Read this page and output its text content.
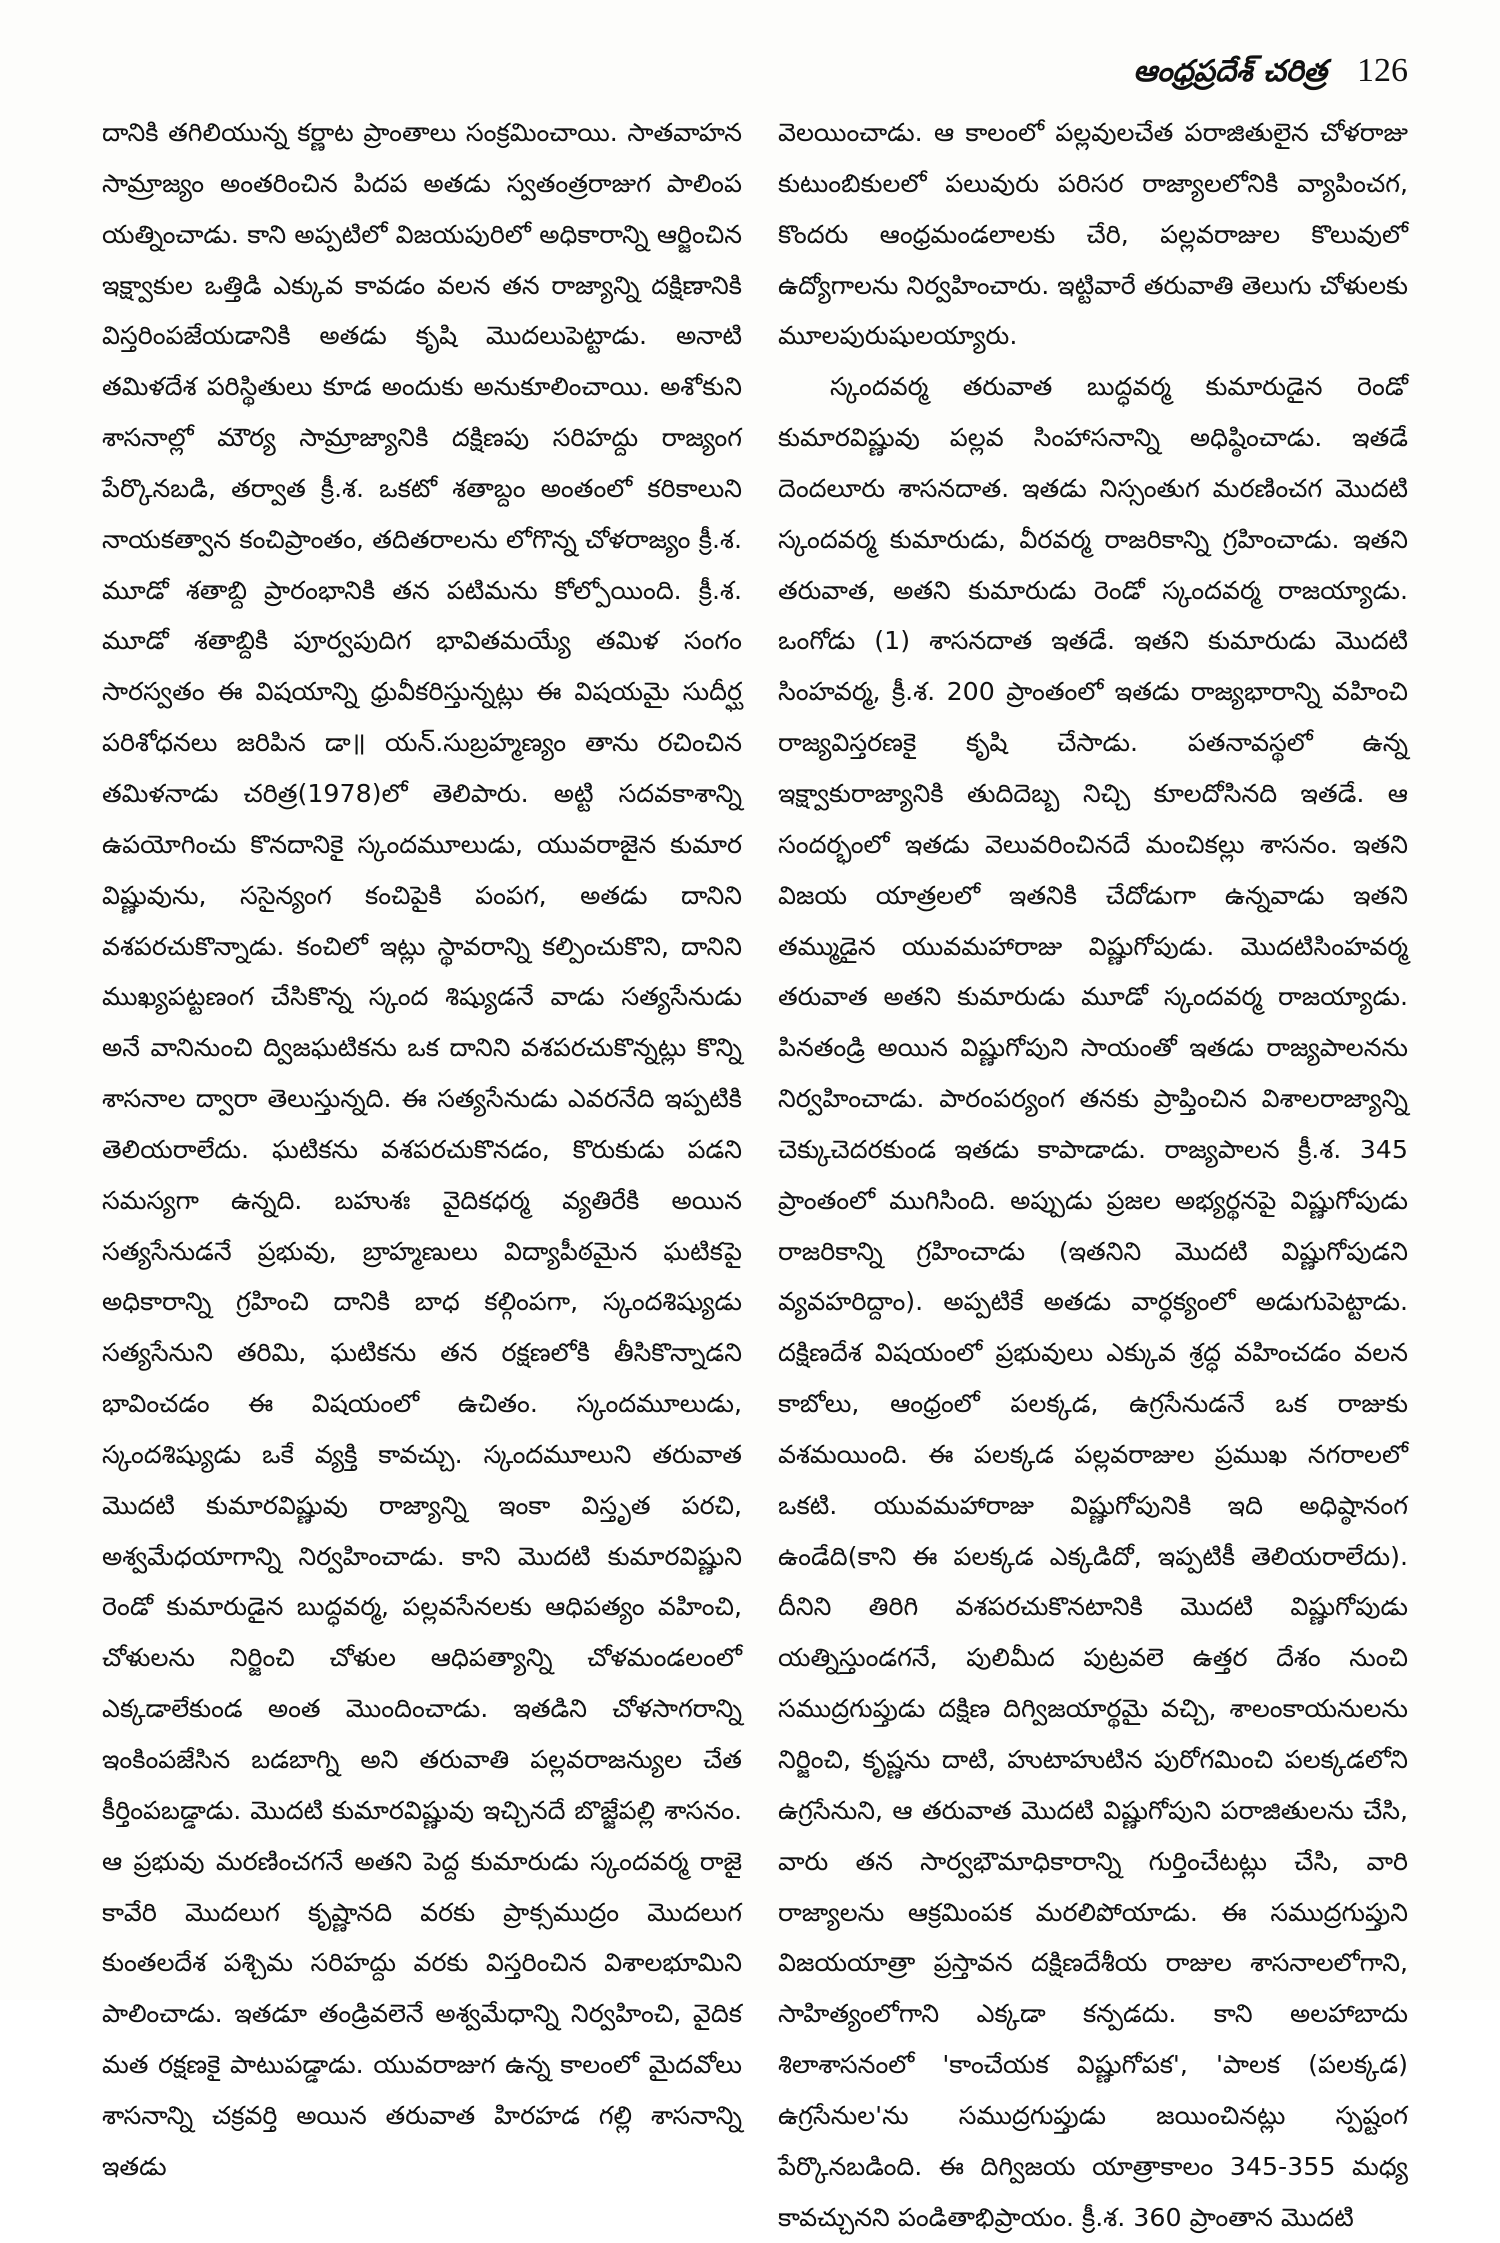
ఆంధ్రప్రదేశ్ చరిత్ర 126

దానికి తగిలియున్న కర్ణాట ప్రాంతాలు సంక్రమించాయి. సాతవాహన సామ్రాజ్యం అంతరించిన పిదప అతడు స్వతంత్రరాజుగ పాలింప యత్నించాడు. కాని అప్పటిలో విజయపురిలో అధికారాన్ని ఆర్జించిన ఇక్ష్వాకుల ఒత్తిడి ఎక్కువ కావడం వలన తన రాజ్యాన్ని దక్షిణానికి విస్తరింపజేయడానికి అతడు కృషి మొదలుపెట్టాడు. అనాటి తమిళదేశ పరిస్థితులు కూడ అందుకు అనుకూలించాయి. అశోకుని శాసనాల్లో మౌర్య సామ్రాజ్యానికి దక్షిణపు సరిహద్దు రాజ్యంగ పేర్కొనబడి, తర్వాత క్రీ.శ. ఒకటో శతాబ్దం అంతంలో కరికాలుని నాయకత్వాన కంచిప్రాంతం, తదితరాలను లోగొన్న చోళరాజ్యం క్రీ.శ. మూడో శతాబ్ది ప్రారంభానికి తన పటిమను కోల్పోయింది. క్రీ.శ. మూడో శతాబ్దికి పూర్వపుదిగ భావితమయ్యే తమిళ సంగం సారస్వతం ఈ విషయాన్ని ధ్రువీకరిస్తున్నట్లు ఈ విషయమై సుదీర్ఘ పరిశోధనలు జరిపిన డా॥ యన్.సుబ్రహ్మణ్యం తాను రచించిన తమిళనాడు చరిత్ర(1978)లో తెలిపారు. అట్టి సదవకాశాన్ని ఉపయోగించు కొనదానికై స్కందమూలుడు, యువరాజైన కుమార విష్ణువును, ససైన్యంగ కంచిపైకి పంపగ, అతడు దానిని వశపరచుకొన్నాడు. కంచిలో ఇట్లు స్థావరాన్ని కల్పించుకొని, దానిని ముఖ్యపట్టణంగ చేసికొన్న స్కంద శిష్యుడనే వాడు సత్యసేనుడు అనే వానినుంచి ద్విజఘటికను ఒక దానిని వశపరచుకొన్నట్లు కొన్ని శాసనాల ద్వారా తెలుస్తున్నది. ఈ సత్యసేనుడు ఎవరనేది ఇప్పటికి తెలియరాలేదు. ఘటికను వశపరచుకొనడం, కొరుకుడు పడని సమస్యగా ఉన్నది. బహుశః వైదికధర్మ వ్యతిరేకి అయిన సత్యసేనుడనే ప్రభువు, బ్రాహ్మణులు విద్యాపీఠమైన ఘటికపై అధికారాన్ని గ్రహించి దానికి బాధ కల్గింపగా, స్కందశిష్యుడు సత్యసేనుని తరిమి, ఘటికను తన రక్షణలోకి తీసికొన్నాడని భావించడం ఈ విషయంలో ఉచితం. స్కందమూలుడు, స్కందశిష్యుడు ఒకే వ్యక్తి కావచ్చు. స్కందమూలుని తరువాత మొదటి కుమారవిష్ణువు రాజ్యాన్ని ఇంకా విస్తృత పరచి, అశ్వమేధయాగాన్ని నిర్వహించాడు. కాని మొదటి కుమారవిష్ణుని రెండో కుమారుడైన బుద్ధవర్మ, పల్లవసేనలకు ఆధిపత్యం వహించి, చోళులను నిర్జించి చోళుల ఆధిపత్యాన్ని చోళమండలంలో ఎక్కడాలేకుండ అంత మొందించాడు. ఇతడిని చోళసాగరాన్ని ఇంకింపజేసిన బడబాగ్ని అని తరువాతి పల్లవరాజన్యుల చేత కీర్తింపబడ్డాడు. మొదటి కుమారవిష్ణువు ఇచ్చినదే బొజ్జేపల్లి శాసనం. ఆ ప్రభువు మరణించగనే అతని పెద్ద కుమారుడు స్కందవర్మ రాజై కావేరి మొదలుగ కృష్ణానది వరకు ప్రాక్సముద్రం మొదలుగ కుంతలదేశ పశ్చిమ సరిహద్దు వరకు విస్తరించిన విశాలభూమిని పాలించాడు. ఇతడూ తండ్రివలెనే అశ్వమేధాన్ని నిర్వహించి, వైదిక మత రక్షణకై పాటుపడ్డాడు. యువరాజుగ ఉన్న కాలంలో మైదవోలు శాసనాన్ని చక్రవర్తి అయిన తరువాత హిరహడ గల్లి శాసనాన్ని ఇతడు

వెలయించాడు. ఆ కాలంలో పల్లవులచేత పరాజితులైన చోళరాజు కుటుంబికులలో పలువురు పరిసర రాజ్యాలలోనికి వ్యాపించగ, కొందరు ఆంధ్రమండలాలకు చేరి, పల్లవరాజుల కొలువులో ఉద్యోగాలను నిర్వహించారు. ఇట్టివారే తరువాతి తెలుగు చోళులకు మూలపురుషులయ్యారు.

స్కందవర్మ తరువాత బుద్ధవర్మ కుమారుడైన రెండో కుమారవిష్ణువు పల్లవ సింహాసనాన్ని అధిష్ఠించాడు. ఇతడే దెందలూరు శాసనదాత. ఇతడు నిస్సంతుగ మరణించగ మొదటి స్కందవర్మ కుమారుడు, వీరవర్మ రాజరికాన్ని గ్రహించాడు. ఇతని తరువాత, అతని కుమారుడు రెండో స్కందవర్మ రాజయ్యాడు. ఒంగోడు (1) శాసనదాత ఇతడే. ఇతని కుమారుడు మొదటి సింహవర్మ, క్రీ.శ. 200 ప్రాంతంలో ఇతడు రాజ్యభారాన్ని వహించి రాజ్యవిస్తరణకై కృషి చేసాడు. పతనావస్థలో ఉన్న ఇక్ష్వాకురాజ్యానికి తుదిదెబ్బ నిచ్చి కూలదోసినది ఇతడే. ఆ సందర్భంలో ఇతడు వెలువరించినదే మంచికల్లు శాసనం. ఇతని విజయ యాత్రలలో ఇతనికి చేదోడుగా ఉన్నవాడు ఇతని తమ్ముడైన యువమహారాజు విష్ణుగోపుడు. మొదటిసింహవర్మ తరువాత అతని కుమారుడు మూడో స్కందవర్మ రాజయ్యాడు. పినతండ్రి అయిన విష్ణుగోపుని సాయంతో ఇతడు రాజ్యపాలనను నిర్వహించాడు. పారంపర్యంగ తనకు ప్రాప్తించిన విశాలరాజ్యాన్ని చెక్కుచెదరకుండ ఇతడు కాపాడాడు. రాజ్యపాలన క్రీ.శ. 345 ప్రాంతంలో ముగిసింది. అప్పుడు ప్రజల అభ్యర్థనపై విష్ణుగోపుడు రాజరికాన్ని గ్రహించాడు (ఇతనిని మొదటి విష్ణుగోపుడని వ్యవహరిద్దాం). అప్పటికే అతడు వార్ధక్యంలో అడుగుపెట్టాడు. దక్షిణదేశ విషయంలో ప్రభువులు ఎక్కువ శ్రద్ధ వహించడం వలన కాబోలు, ఆంధ్రంలో పలక్కడ, ఉగ్రసేనుడనే ఒక రాజుకు వశమయింది. ఈ పలక్కడ పల్లవరాజుల ప్రముఖ నగరాలలో ఒకటి. యువమహారాజు విష్ణుగోపునికి ఇది అధిష్ఠానంగ ఉండేది(కాని ఈ పలక్కడ ఎక్కడిదో, ఇప్పటికీ తెలియరాలేదు). దీనిని తిరిగి వశపరచుకొనటానికి మొదటి విష్ణుగోపుడు యత్నిస్తుండగనే, పులిమీద పుట్రవలె ఉత్తర దేశం నుంచి సముద్రగుప్తుడు దక్షిణ దిగ్విజయార్థమై వచ్చి, శాలంకాయనులను నిర్జించి, కృష్ణను దాటి, హుటాహుటిన పురోగమించి పలక్కడలోని ఉగ్రసేనుని, ఆ తరువాత మొదటి విష్ణుగోపుని పరాజితులను చేసి, వారు తన సార్వభౌమాధికారాన్ని గుర్తించేటట్లు చేసి, వారి రాజ్యాలను ఆక్రమింపక మరలిపోయాడు. ఈ సముద్రగుప్తుని విజయయాత్రా ప్రస్తావన దక్షిణదేశీయ రాజుల శాసనాలలోగాని, సాహిత్యంలోగాని ఎక్కడా కన్పడదు. కాని అలహాబాదు శిలాశాసనంలో 'కాంచేయక విష్ణుగోపక', 'పాలక (పలక్కడ) ఉగ్రసేనుల'ను సముద్రగుప్తుడు జయించినట్లు స్పష్టంగ పేర్కొనబడింది. ఈ దిగ్విజయ యాత్రాకాలం 345-355 మధ్య కావచ్చునని పండితాభిప్రాయం. క్రీ.శ. 360 ప్రాంతాన మొదటి
